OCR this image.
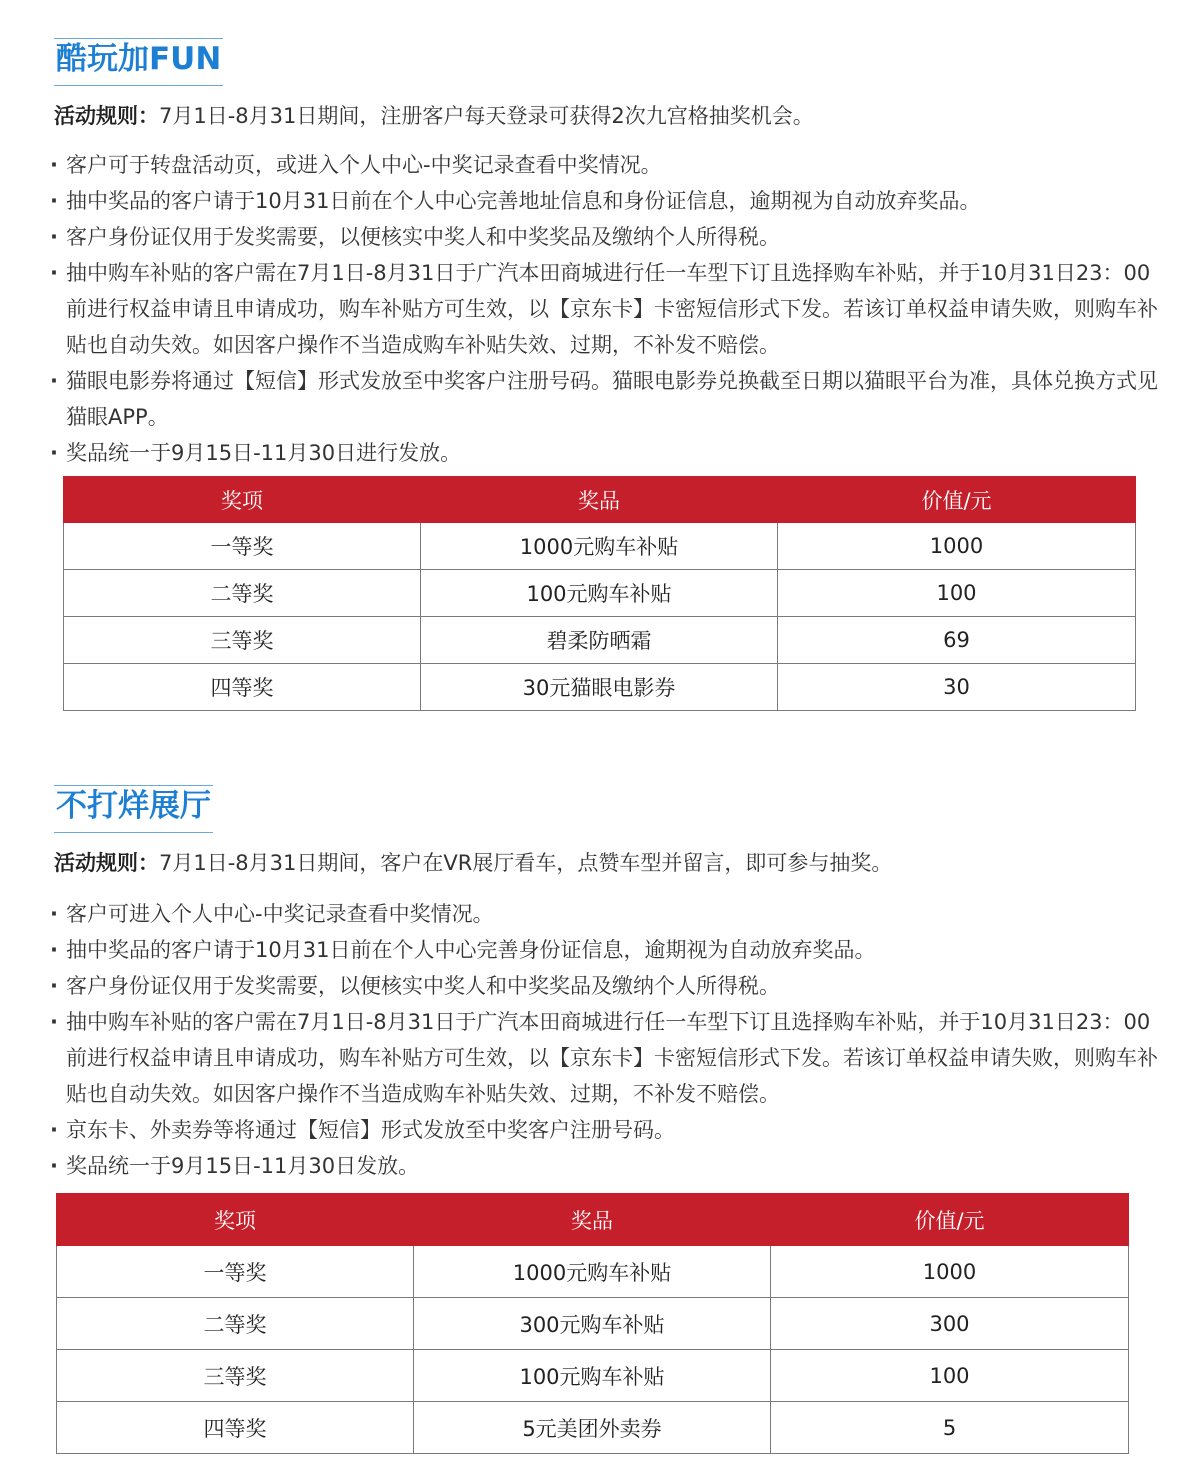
酷玩加FUN
活动规则：7月1日-8月31日期间，注册客户每天登录可获得2次九宫格抽奖机会。
· 客户可于转盘活动页，或进入个人中心-中奖记录查看中奖情况。
· 抽中奖品的客户请于10月31日前在个人中心完善地址信息和身份证信息，逾期视为自动放弃奖品。
· 客户身份证仅用于发奖需要，以便核实中奖人和中奖奖品及缴纳个人所得税。
· 抽中购车补贴的客户需在7月1日-8月31日于广汽本田商城进行任一车型下订且选择购车补贴，并于10月31日23：00前进行权益申请且申请成功，购车补贴方可生效，以【京东卡】卡密短信形式下发。若该订单权益申请失败，则购车补贴也自动失效。如因客户操作不当造成购车补贴失效、过期，不补发不赔偿。
· 猫眼电影券将通过【短信】形式发放至中奖客户注册号码。猫眼电影券兑换截至日期以猫眼平台为准，具体兑换方式见猫眼APP。
· 奖品统一于9月15日-11月30日进行发放。
奖项	奖品	价值/元
一等奖	1000元购车补贴	1000
二等奖	100元购车补贴	100
三等奖	碧柔防晒霜	69
四等奖	30元猫眼电影券	30
不打烊展厅
活动规则：7月1日-8月31日期间，客户在VR展厅看车，点赞车型并留言，即可参与抽奖。
· 客户可进入个人中心-中奖记录查看中奖情况。
· 抽中奖品的客户请于10月31日前在个人中心完善身份证信息，逾期视为自动放弃奖品。
· 客户身份证仅用于发奖需要，以便核实中奖人和中奖奖品及缴纳个人所得税。
· 抽中购车补贴的客户需在7月1日-8月31日于广汽本田商城进行任一车型下订且选择购车补贴，并于10月31日23：00前进行权益申请且申请成功，购车补贴方可生效，以【京东卡】卡密短信形式下发。若该订单权益申请失败，则购车补贴也自动失效。如因客户操作不当造成购车补贴失效、过期，不补发不赔偿。
· 京东卡、外卖券等将通过【短信】形式发放至中奖客户注册号码。
· 奖品统一于9月15日-11月30日发放。
奖项	奖品	价值/元
一等奖	1000元购车补贴	1000
二等奖	300元购车补贴	300
三等奖	100元购车补贴	100
四等奖	5元美团外卖券	5
